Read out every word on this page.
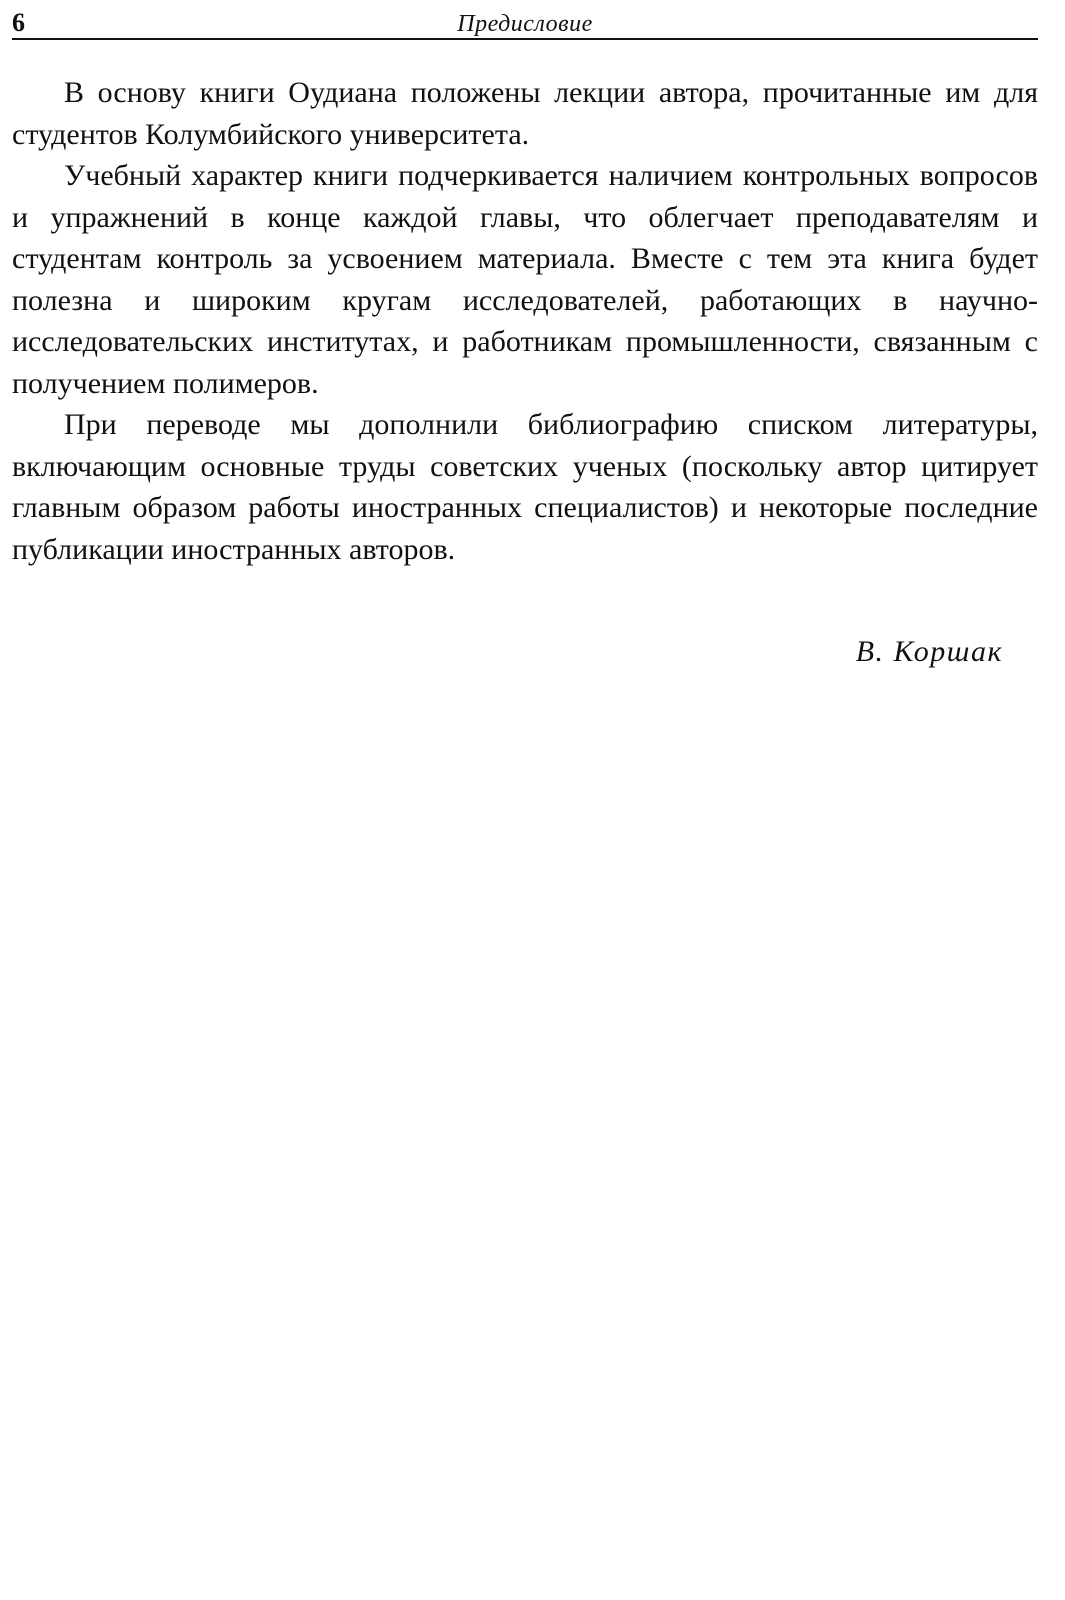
6	Предисловие

В основу книги Оудиана положены лекции автора, прочитанные им для студентов Колумбийского университета.

Учебный характер книги подчеркивается наличием контрольных вопросов и упражнений в конце каждой главы, что облегчает преподавателям и студентам контроль за усвоением материала. Вместе с тем эта книга будет полезна и широким кругам исследователей, работающих в научно-исследовательских институтах, и работникам промышленности, связанным с получением полимеров.

При переводе мы дополнили библиографию списком литературы, включающим основные труды советских ученых (поскольку автор цитирует главным образом работы иностранных специалистов) и некоторые последние публикации иностранных авторов.

В. Коршак
